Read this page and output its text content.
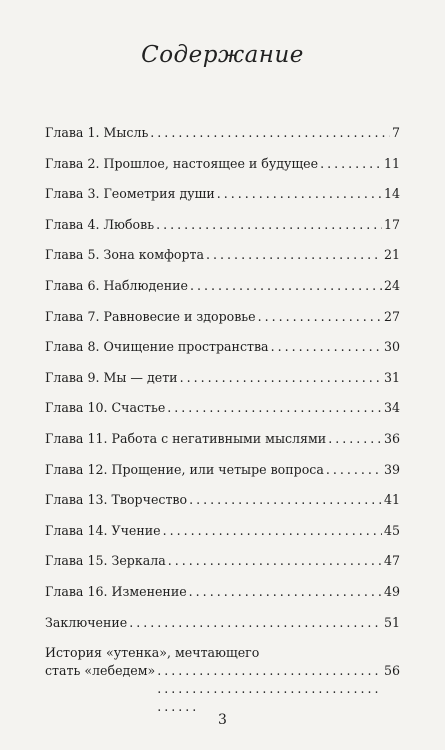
Содержание
Глава 1. Мысль . . .	7
Глава 2. Прошлое, настоящее и будущее . . .	11
Глава 3. Геометрия души . . .	14
Глава 4. Любовь . . .	17
Глава 5. Зона комфорта . . .	21
Глава 6. Наблюдение . . .	24
Глава 7. Равновесие и здоровье . . .	27
Глава 8. Очищение пространства . . .	30
Глава 9. Мы — дети . . .	31
Глава 10. Счастье . . .	34
Глава 11. Работа с негативными мыслями . . .	36
Глава 12. Прощение, или четыре вопроса . . .	39
Глава 13. Творчество . . .	41
Глава 14. Учение . . .	45
Глава 15. Зеркала . . .	47
Глава 16. Изменение . . .	49
Заключение . . .	51
История «утенка», мечтающего
стать «лебедем» . . .	56
3
